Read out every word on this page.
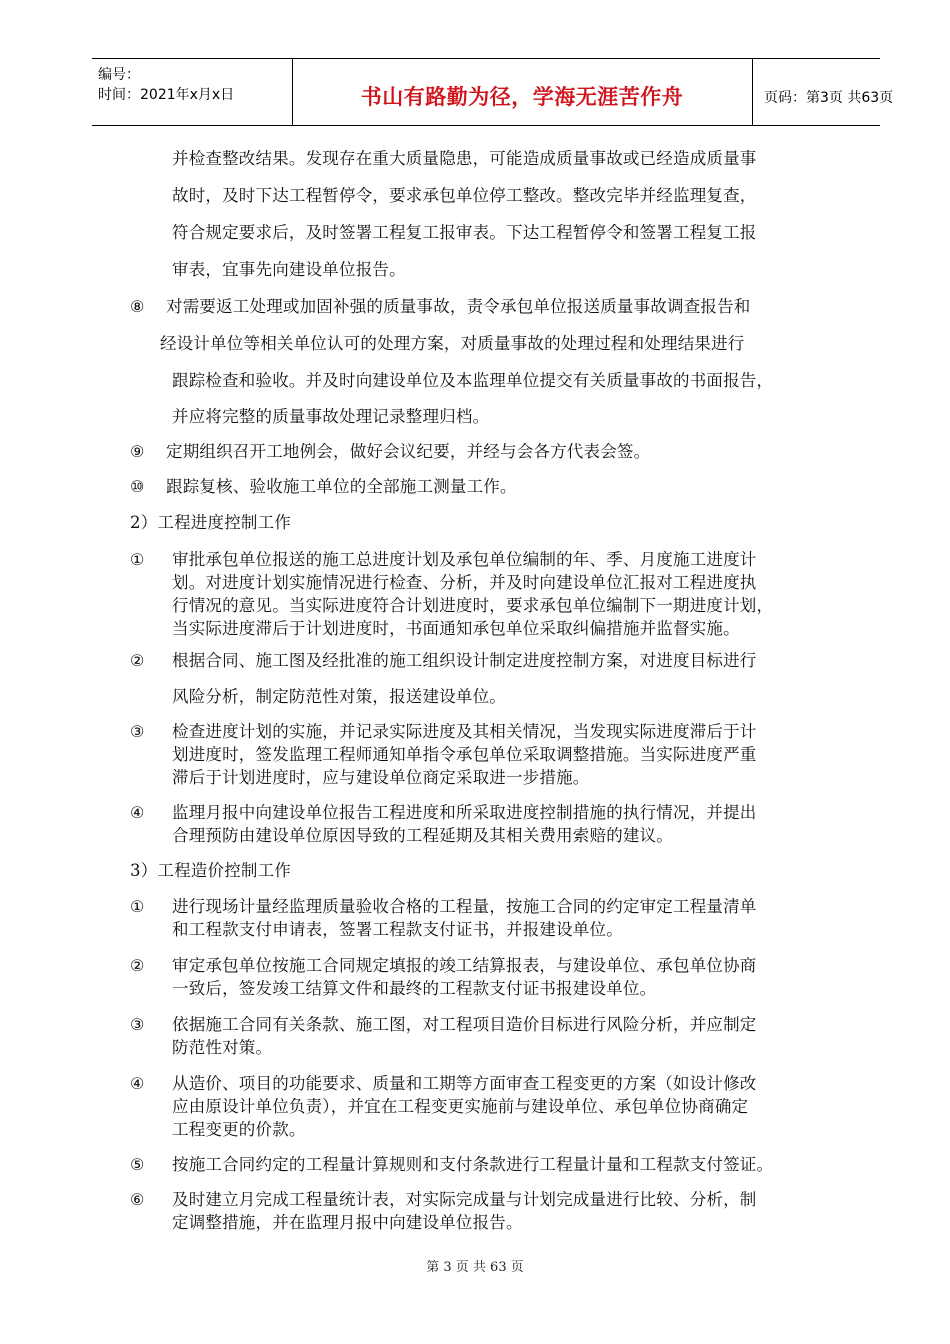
编号：
时间：2021年x月x日	书山有路勤为径，学海无涯苦作舟	页码：第3页 共63页
并检查整改结果。发现存在重大质量隐患，可能造成质量事故或已经造成质量事
故时，及时下达工程暂停令，要求承包单位停工整改。整改完毕并经监理复查，
符合规定要求后，及时签署工程复工报审表。下达工程暂停令和签署工程复工报
审表，宜事先向建设单位报告。
⑧ 对需要返工处理或加固补强的质量事故，责令承包单位报送质量事故调查报告和
经设计单位等相关单位认可的处理方案，对质量事故的处理过程和处理结果进行
跟踪检查和验收。并及时向建设单位及本监理单位提交有关质量事故的书面报告，
并应将完整的质量事故处理记录整理归档。
⑨ 定期组织召开工地例会，做好会议纪要，并经与会各方代表会签。
⑩ 跟踪复核、验收施工单位的全部施工测量工作。
2）工程进度控制工作
① 审批承包单位报送的施工总进度计划及承包单位编制的年、季、月度施工进度计
划。对进度计划实施情况进行检查、分析，并及时向建设单位汇报对工程进度执
行情况的意见。当实际进度符合计划进度时，要求承包单位编制下一期进度计划，
当实际进度滞后于计划进度时，书面通知承包单位采取纠偏措施并监督实施。
② 根据合同、施工图及经批准的施工组织设计制定进度控制方案，对进度目标进行
风险分析，制定防范性对策，报送建设单位。
③ 检查进度计划的实施，并记录实际进度及其相关情况，当发现实际进度滞后于计
划进度时，签发监理工程师通知单指令承包单位采取调整措施。当实际进度严重
滞后于计划进度时，应与建设单位商定采取进一步措施。
④ 监理月报中向建设单位报告工程进度和所采取进度控制措施的执行情况，并提出
合理预防由建设单位原因导致的工程延期及其相关费用索赔的建议。
3）工程造价控制工作
① 进行现场计量经监理质量验收合格的工程量，按施工合同的约定审定工程量清单
和工程款支付申请表，签署工程款支付证书，并报建设单位。
② 审定承包单位按施工合同规定填报的竣工结算报表，与建设单位、承包单位协商
一致后，签发竣工结算文件和最终的工程款支付证书报建设单位。
③ 依据施工合同有关条款、施工图，对工程项目造价目标进行风险分析，并应制定
防范性对策。
④ 从造价、项目的功能要求、质量和工期等方面审查工程变更的方案（如设计修改
应由原设计单位负责），并宜在工程变更实施前与建设单位、承包单位协商确定
工程变更的价款。
⑤ 按施工合同约定的工程量计算规则和支付条款进行工程量计量和工程款支付签证。
⑥ 及时建立月完成工程量统计表，对实际完成量与计划完成量进行比较、分析，制
定调整措施，并在监理月报中向建设单位报告。
第 3 页 共 63 页
